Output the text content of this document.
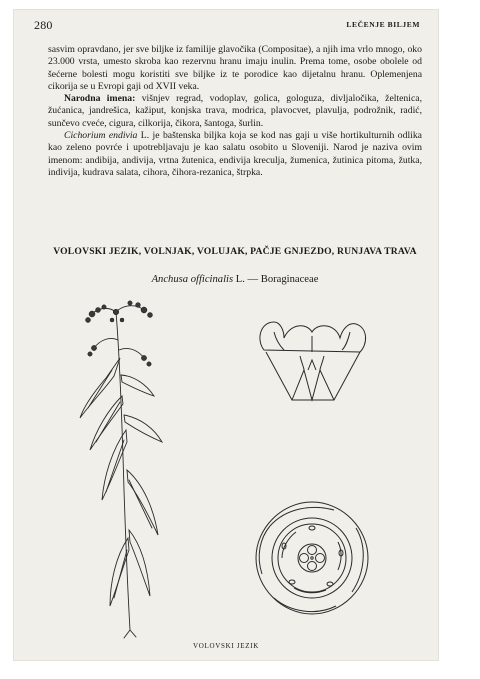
280	LEČENJE BILJEM

sasvim opravdano, jer sve biljke iz familije glavočika (Compositae), a njih ima vrlo mnogo, oko 23.000 vrsta, umesto skroba kao rezervnu hranu imaju inulin. Prema tome, osobe obolele od šećerne bolesti mogu koristiti sve biljke iz te porodice kao dijetalnu hranu. Oplemenjena cikorija se u Evropi gaji od XVII veka.

Narodna imena: višnjev regrad, vodoplav, golica, gologuza, divljaločika, želtenica, žućanica, jandrešica, kažiput, konjska trava, modrica, plavocvet, plavulja, podrožnik, radić, sunčevo cveće, cigura, cilkorija, čikora, šantoga, šurlin.

Cichorium endivia L. je baštenska biljka koja se kod nas gaji u više hortikulturnih odlika kao zeleno povrće i upotrebljavaju je kao salatu osobito u Sloveniji. Narod je naziva ovim imenom: andibija, andivija, vrtna žutenica, endivija kreculja, žumenica, žutinica pitoma, žutka, indivija, kudrava salata, cihora, čihora-rezanica, štrpka.

VOLOVSKI JEZIK, VOLNJAK, VOLUJAK, PAČJE GNJEZDO, RUNJAVA TRAVA
Anchusa officinalis L. — Boraginaceae
VOLOVSKI JEZIK
